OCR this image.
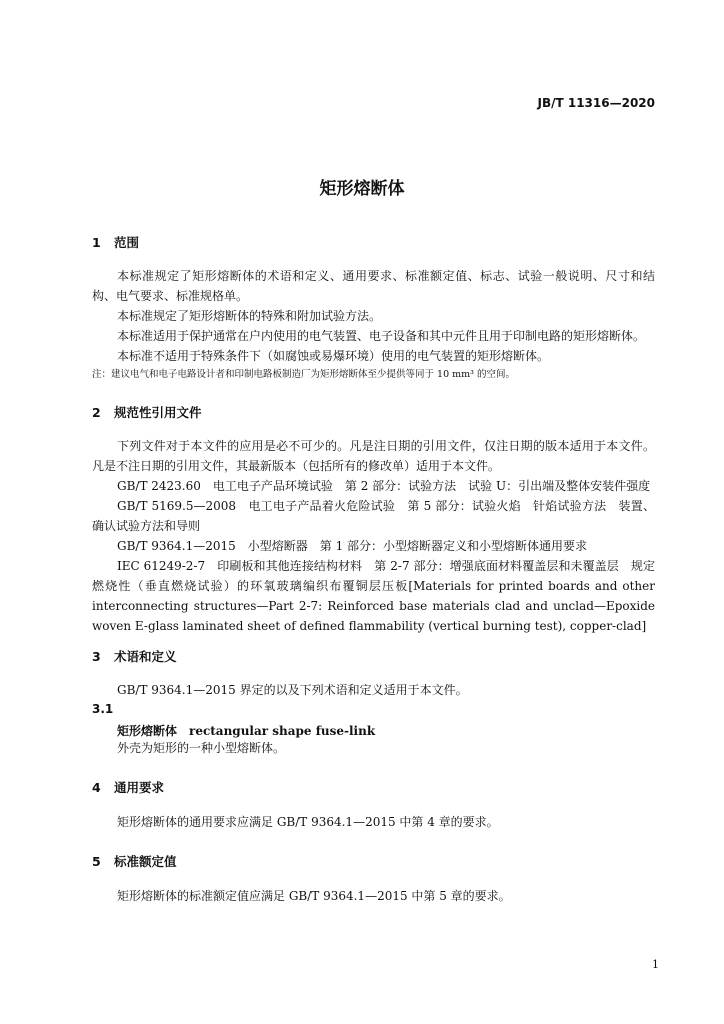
JB/T 11316—2020
矩形熔断体
1 范围
本标准规定了矩形熔断体的术语和定义、通用要求、标准额定值、标志、试验一般说明、尺寸和结构、电气要求、标准规格单。
本标准规定了矩形熔断体的特殊和附加试验方法。
本标准适用于保护通常在户内使用的电气装置、电子设备和其中元件且用于印制电路的矩形熔断体。
本标准不适用于特殊条件下（如腐蚀或易爆环境）使用的电气装置的矩形熔断体。
注：建议电气和电子电路设计者和印制电路板制造厂为矩形熔断体至少提供等同于 10 mm³ 的空间。
2 规范性引用文件
下列文件对于本文件的应用是必不可少的。凡是注日期的引用文件，仅注日期的版本适用于本文件。凡是不注日期的引用文件，其最新版本（包括所有的修改单）适用于本文件。
GB/T 2423.60　电工电子产品环境试验　第 2 部分：试验方法　试验 U：引出端及整体安装件强度
GB/T 5169.5—2008　电工电子产品着火危险试验　第 5 部分：试验火焰　针焰试验方法　装置、确认试验方法和导则
GB/T 9364.1—2015　小型熔断器　第 1 部分：小型熔断器定义和小型熔断体通用要求
IEC 61249-2-7　印刷板和其他连接结构材料　第 2-7 部分：增强底面材料覆盖层和未覆盖层　规定燃烧性（垂直燃烧试验）的环氧玻璃编织布覆铜层压板[Materials for printed boards and other interconnecting structures—Part 2-7: Reinforced base materials clad and unclad—Epoxide woven E-glass laminated sheet of defined flammability (vertical burning test), copper-clad]
3 术语和定义
GB/T 9364.1—2015 界定的以及下列术语和定义适用于本文件。
3.1
矩形熔断体　rectangular shape fuse-link
外壳为矩形的一种小型熔断体。
4 通用要求
矩形熔断体的通用要求应满足 GB/T 9364.1—2015 中第 4 章的要求。
5 标准额定值
矩形熔断体的标准额定值应满足 GB/T 9364.1—2015 中第 5 章的要求。
1
